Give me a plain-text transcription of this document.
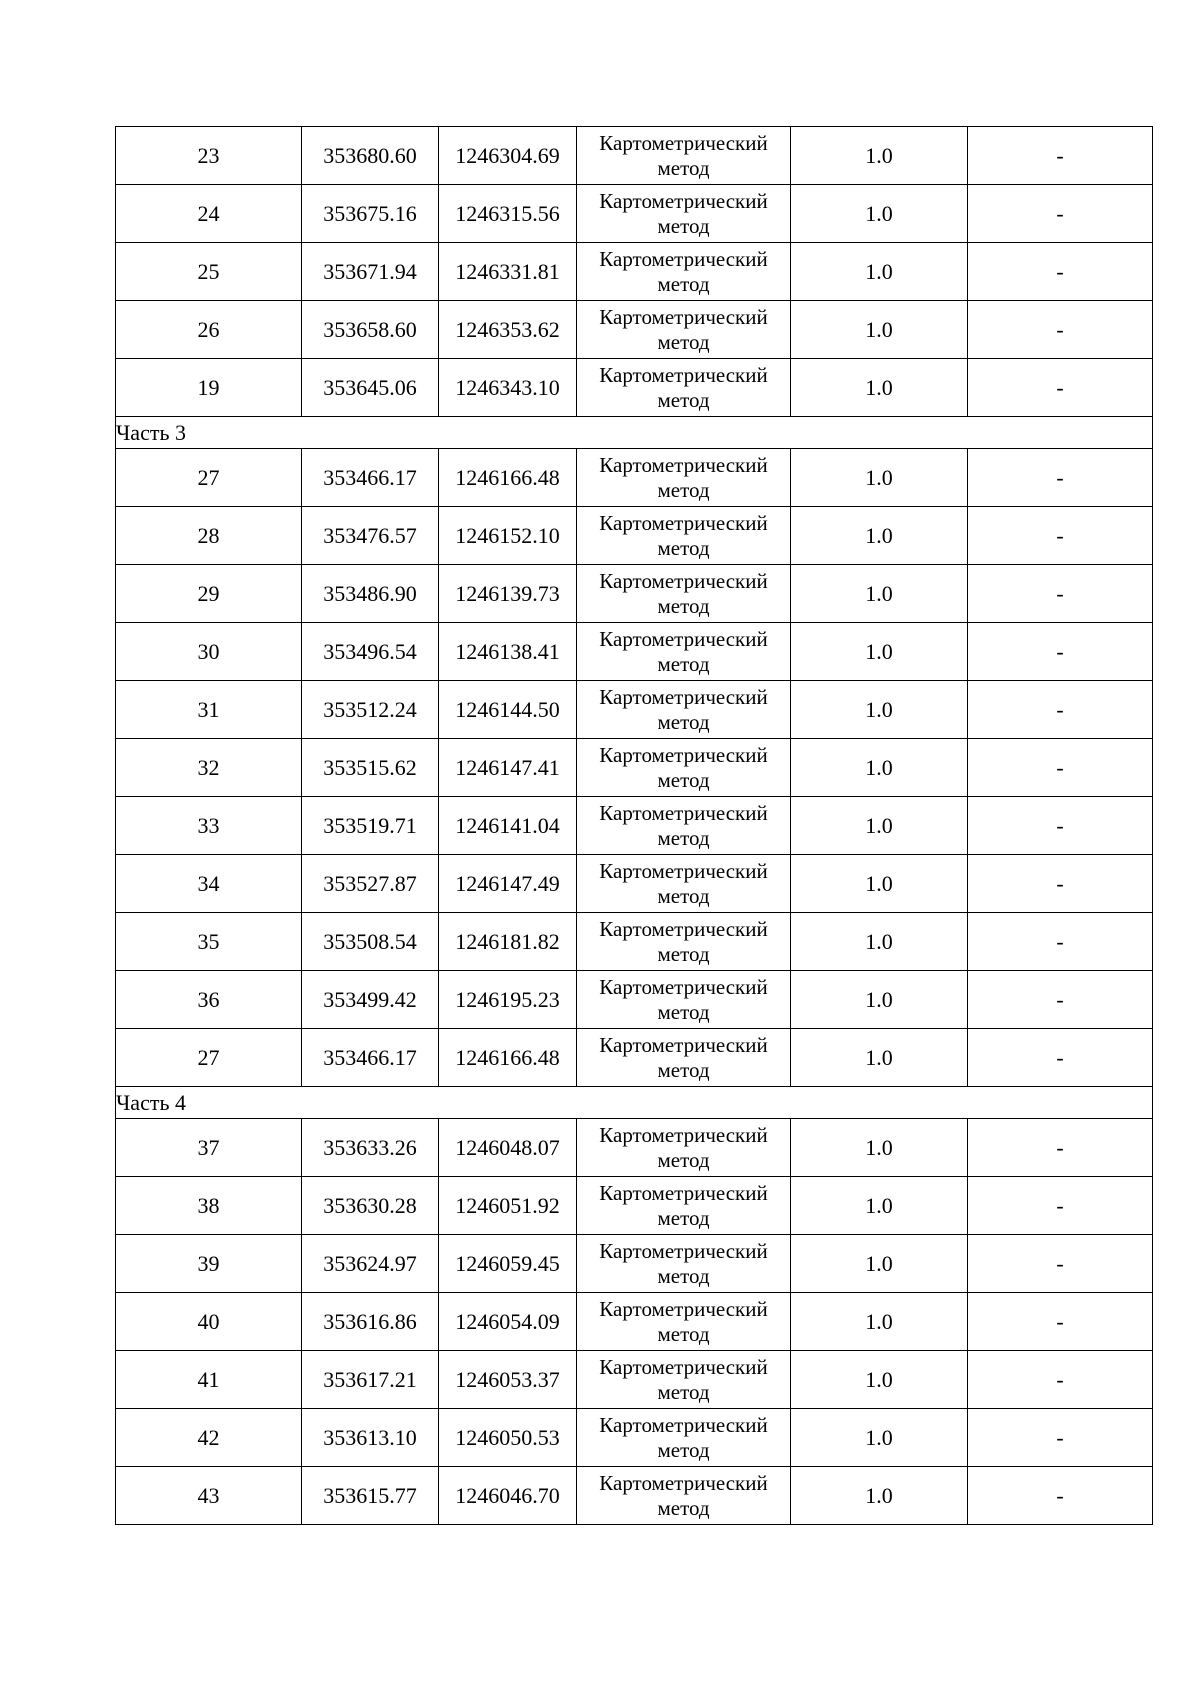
23	353680.60	1246304.69	Картометрический метод	1.0	-
24	353675.16	1246315.56	Картометрический метод	1.0	-
25	353671.94	1246331.81	Картометрический метод	1.0	-
26	353658.60	1246353.62	Картометрический метод	1.0	-
19	353645.06	1246343.10	Картометрический метод	1.0	-
Часть 3					
27	353466.17	1246166.48	Картометрический метод	1.0	-
28	353476.57	1246152.10	Картометрический метод	1.0	-
29	353486.90	1246139.73	Картометрический метод	1.0	-
30	353496.54	1246138.41	Картометрический метод	1.0	-
31	353512.24	1246144.50	Картометрический метод	1.0	-
32	353515.62	1246147.41	Картометрический метод	1.0	-
33	353519.71	1246141.04	Картометрический метод	1.0	-
34	353527.87	1246147.49	Картометрический метод	1.0	-
35	353508.54	1246181.82	Картометрический метод	1.0	-
36	353499.42	1246195.23	Картометрический метод	1.0	-
27	353466.17	1246166.48	Картометрический метод	1.0	-
Часть 4					
37	353633.26	1246048.07	Картометрический метод	1.0	-
38	353630.28	1246051.92	Картометрический метод	1.0	-
39	353624.97	1246059.45	Картометрический метод	1.0	-
40	353616.86	1246054.09	Картометрический метод	1.0	-
41	353617.21	1246053.37	Картометрический метод	1.0	-
42	353613.10	1246050.53	Картометрический метод	1.0	-
43	353615.77	1246046.70	Картометрический метод	1.0	-
